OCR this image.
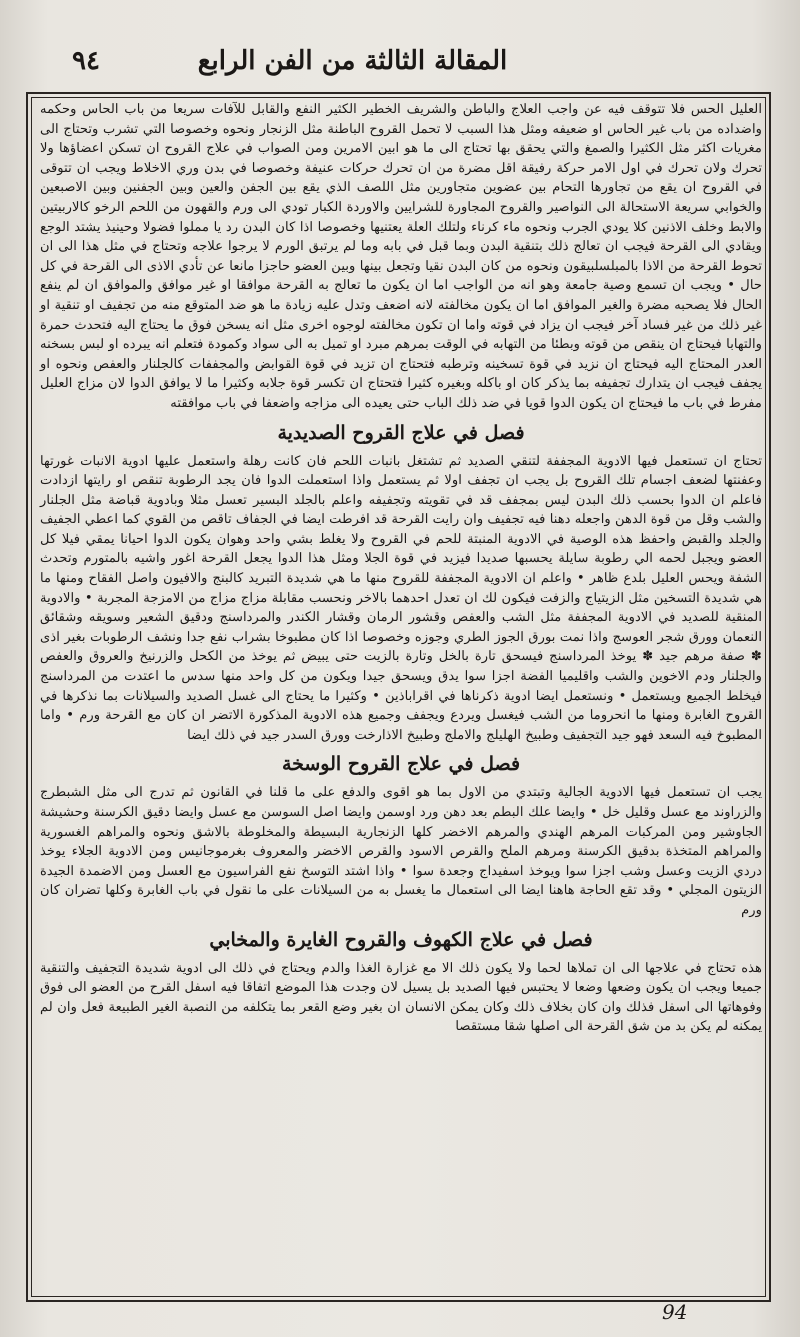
المقالة الثالثة من الفن الرابع
٩٤

العليل الحس فلا تتوقف فيه عن واجب العلاج والباطن والشريف الخطير الكثير النفع والقابل للآفات سريعا من باب الحاس وحكمه واضداده من باب غير الحاس او ضعيفه ومثل هذا السبب لا تحمل القروح الباطنة مثل الزنجار ونحوه وخصوصا التي تشرب وتحتاج الى مغريات اكثر مثل الكثيرا والصمغ والتي يحقق بها تحتاج الى ما هو ابين الامرين ومن الصواب في علاج القروح ان تسكن اعضاؤها ولا تحرك ولان تحرك في اول الامر حركة رفيقة اقل مضرة من ان تحرك حركات عنيفة وخصوصا في بدن وري الاخلاط ويجب ان تتوقى في القروح ان يقع من تجاورها التحام بين عضوين متجاورين مثل اللصف الذي يقع بين الجفن والعين وبين الجفنين وبين الاصبعين والخوابي سريعة الاستحالة الى النواصير والقروح المجاورة للشرايين والاوردة الكبار تودي الى ورم والقهون من اللحم الرخو كالاربيتين والابط وخلف الاذنين كلا يودي الجرب ونحوه ماء كرناء ولتلك العلة يعتنيها وخصوصا اذا كان البدن رد يا مملوا فضولا وحينيذ يشتد الوجع ويقادي الى القرحة فيجب ان تعالج ذلك بتنقية البدن وبما قبل في بابه وما لم يرتبق الورم لا يرجوا علاجه وتحتاج في مثل هذا الى ان تحوط القرحة من الاذا بالمبلسلبيقون ونحوه من كان البدن نقيا وتجعل بينها وبين العضو حاجزا مانعا عن تأدي الاذى الى القرحة في كل حال • ويجب ان تسمع وصية جامعة وهو انه من الواجب اما ان يكون ما تعالج به القرحة موافقا او غير موافق والموافق ان لم ينفع الحال فلا يصحبه مضرة والغير الموافق اما ان يكون مخالفته لانه اضعف وتدل عليه زيادة ما هو ضد المتوقع منه من تجفيف او تنقية او غير ذلك من غير فساد آخر فيجب ان يزاد في قوته واما ان تكون مخالفته لوجوه اخرى مثل انه يسخن فوق ما يحتاج اليه فتحدث حمرة والتهابا فيحتاج ان ينقص من قوته وبطئا من التهابه في الوقت بمرهم مبرد او تميل به الى سواد وكمودة فتعلم انه يبرده او لبس بسخنه العدر المحتاج اليه فيحتاج ان نزيد في قوة تسخينه وترطبه فتحتاج ان تزيد في قوة القوابض والمجففات كالجلنار والعفص ونحوه او يجفف فيجب ان يتدارك تجفيفه بما يذكر كان او باكله وبغيره كثيرا فتحتاج ان تكسر قوة جلابه وكثيرا ما لا يوافق الدوا لان مزاج العليل مفرط في باب ما فيحتاج ان يكون الدوا قويا في ضد ذلك الباب حتى يعيده الى مزاجه واضعفا في باب موافقته

فصل في علاج القروح الصديدية

تحتاج ان تستعمل فيها الادوية المجففة لتنقي الصديد ثم تشتغل بانبات اللحم فان كانت رهلة واستعمل عليها ادوية الانبات غورتها وعفنتها لضعف اجسام تلك القروح بل يجب ان تجفف اولا ثم يستعمل واذا استعملت الدوا فان يجد الرطوبة تنقص او رايتها ازدادت فاعلم ان الدوا بحسب ذلك البدن ليس بمجفف قد في تقويته وتجفيفه واعلم بالجلد البسير تعسل مثلا وبادوية قباضة مثل الجلنار والشب وقل من قوة الدهن واجعله دهنا فيه تجفيف وان رايت القرحة قد افرطت ايضا في الجفاف تاقص من القوي كما اعطي الجفيف والجلد والقبض واحفظ هذه الوصية في الادوية المنبتة للحم في القروح ولا يغلط بشي واحد وهوان يكون الدوا احيانا يمقي فيلا كل العضو ويجبل لحمه الي رطوبة سايلة يحسبها صديدا فيزيد في قوة الجلا ومثل هذا الدوا يجعل القرحة اغور واشيه بالمتورم وتحدث الشفة ويحس العليل بلدع ظاهر • واعلم ان الادوية المجففة للقروح منها ما هي شديدة التبريد كالبنج والافيون واصل الفقاح ومنها ما هي شديدة التسخين مثل الزيتياج والزفت فيكون لك ان تعدل احدهما بالاخر ونحسب مقابلة مزاج مزاج من الامزجة المجربة • والادوية المنقية للصديد في الادوية المجففة مثل الشب والعفص وقشور الرمان وقشار الكندر والمرداسنج ودقيق الشعير وسويقه وشقائق النعمان وورق شجر العوسج واذا نمت بورق الجوز الطري وجوزه وخصوصا اذا كان مطبوخا بشراب نفع جدا ونشف الرطوبات بغير اذى ✽ صفة مرهم جيد ✽ يوخذ المرداسنج فيسحق تارة بالخل وتارة بالزيت حتى يبيض ثم يوخذ من الكحل والزرنيخ والعروق والعفص والجلنار ودم الاخوين والشب واقليميا الفضة اجزا سوا يدق ويسحق جيدا ويكون من كل واحد منها سدس ما اعتدت من المرداسنج فيخلط الجميع ويستعمل • ونستعمل ايضا ادوية ذكرناها في اقراباذين • وكثيرا ما يحتاج الى غسل الصديد والسيلانات بما نذكرها في القروح الغابرة ومنها ما انحروما من الشب فيغسل ويردع ويجفف وجميع هذه الادوية المذكورة الاتضر ان كان مع القرحة ورم • واما المطبوخ فيه السعد فهو جيد التجفيف وطبيخ الهليلج والاملج وطبيخ الاذارخت وورق السدر جيد في ذلك ايضا

فصل في علاج القروح الوسخة

يجب ان تستعمل فيها الادوية الجالية وتبتدي من الاول بما هو اقوى والدفع على ما قلنا في القانون ثم تدرج الى مثل الشبطرج والزراوند مع عسل وقليل خل • وايضا علك البطم بعد دهن ورد اوسمن وايضا اصل السوسن مع عسل وايضا دقيق الكرسنة وحشيشة الجاوشير ومن المركبات المرهم الهندي والمرهم الاخضر كلها الزنجارية البسيطة والمخلوطة بالاشق ونحوه والمراهم الغسورية والمراهم المتخذة بدقيق الكرسنة ومرهم الملح والقرص الاسود والقرص الاخضر والمعروف بغرموجانيس ومن الادوية الجلاء يوخذ دردي الزيت وعسل وشب اجزا سوا ويوخذ اسفيداج وجعدة سوا • واذا اشتد التوسخ نفع الفراسيون مع العسل ومن الاضمدة الجيدة الزيتون المجلي • وقد تقع الحاجة هاهنا ايضا الى استعمال ما يغسل به من السيلانات على ما نقول في باب الغابرة وكلها تضران كان ورم

فصل في علاج الكهوف والقروح الغايرة والمخابي

هذه تحتاج في علاجها الى ان تملاها لحما ولا يكون ذلك الا مع غزارة الغذا والدم ويحتاج في ذلك الى ادوية شديدة التجفيف والتنقية جميعا ويجب ان يكون وضعها وضعا لا يحتبس فيها الصديد بل يسيل لان وجدت هذا الموضع اتفاقا فيه اسفل القرح من العضو الى فوق وفوهاتها الى اسفل فذلك وان كان بخلاف ذلك وكان يمكن الانسان ان بغير وضع القعر بما يتكلفه من النصبة الغير الطبيعة فعل وان لم يمكنه لم يكن بد من شق القرحة الى اصلها شقا مستقصا

94
